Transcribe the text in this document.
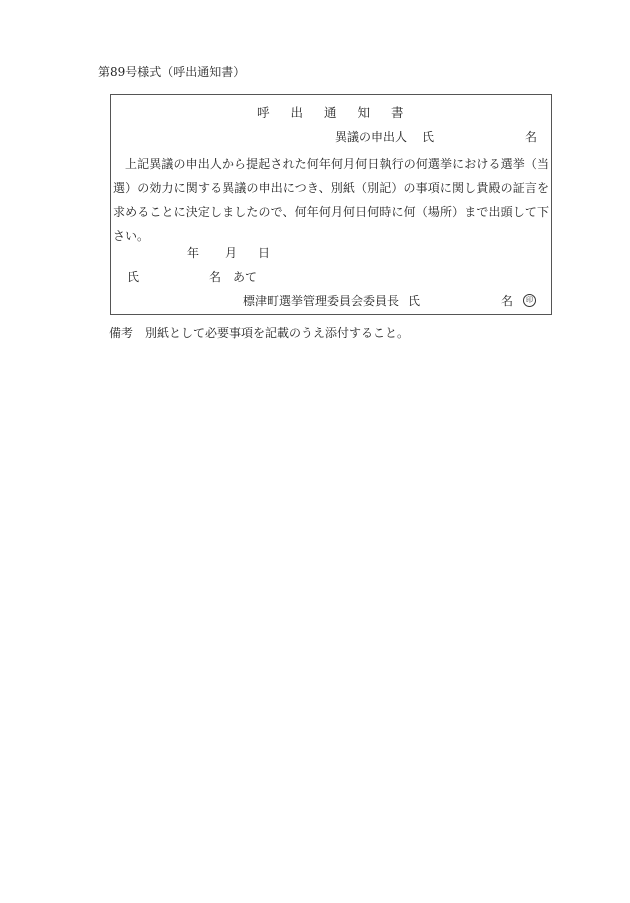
第89号様式（呼出通知書）
呼出通知書
異議の申出人 氏	名
上記異議の申出人から提起された何年何月何日執行の何選挙における選挙（当選）の効力に関する異議の申出につき、別紙（別記）の事項に関し貴殿の証言を求めることに決定しましたので、何年何月何日何時に何（場所）まで出頭して下さい。
年 月 日
氏	名 あて
標津町選挙管理委員会委員長 氏	名	印
備考 別紙として必要事項を記載のうえ添付すること。
